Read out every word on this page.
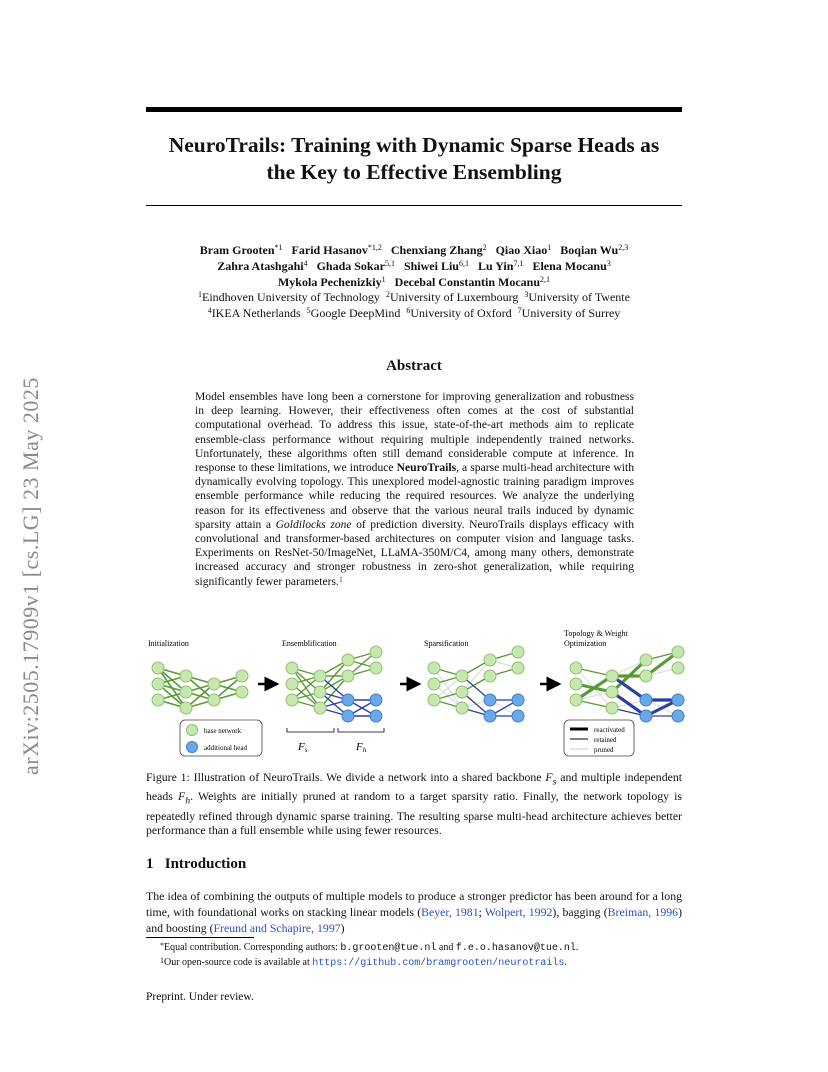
arXiv:2505.17909v1 [cs.LG] 23 May 2025
NeuroTrails: Training with Dynamic Sparse Heads as
the Key to Effective Ensembling
Bram Grooten$^{*1}$ Farid Hasanov$^{*1,2}$ Chenxiang Zhang$^2$ Qiao Xiao$^1$ Boqian Wu$^{2,3}$
Zahra Atashgahi$^4$ Ghada Sokar$^{5,1}$ Shiwei Liu$^{6,1}$ Lu Yin$^{7,1}$ Elena Mocanu$^3$
Mykola Pechenizkiy$^1$ Decebal Constantin Mocanu$^{2,1}$
$^1$Eindhoven University of Technology $^2$University of Luxembourg $^3$University of Twente
$^4$IKEA Netherlands $^5$Google DeepMind $^6$University of Oxford $^7$University of Surrey
Abstract
Model ensembles have long been a cornerstone for improving generalization and robustness in deep learning. However, their effectiveness often comes at the cost of substantial computational overhead. To address this issue, state-of-the-art methods aim to replicate ensemble-class performance without requiring multiple independently trained networks. Unfortunately, these algorithms often still demand considerable compute at inference. In response to these limitations, we introduce NeuroTrails, a sparse multi-head architecture with dynamically evolving topology. This unexplored model-agnostic training paradigm improves ensemble performance while reducing the required resources. We analyze the underlying reason for its effectiveness and observe that the various neural trails induced by dynamic sparsity attain a Goldilocks zone of prediction diversity. NeuroTrails displays efficacy with convolutional and transformer-based architectures on computer vision and language tasks. Experiments on ResNet-50/ImageNet, LLaMA-350M/C4, among many others, demonstrate increased accuracy and stronger robustness in zero-shot generalization, while requiring significantly fewer parameters.$^1$
Initialization	Ensemblification	Sparsification
Topology & Weight
Optimization
base network
additional head	Fs	Fh
reactivated
retained
pruned
Figure 1: Illustration of NeuroTrails. We divide a network into a shared backbone $F_s$ and multiple independent heads $F_h$. Weights are initially pruned at random to a target sparsity ratio. Finally, the network topology is repeatedly refined through dynamic sparse training. The resulting sparse multi-head architecture achieves better performance than a full ensemble while using fewer resources.
1 Introduction
The idea of combining the outputs of multiple models to produce a stronger predictor has been around for a long time, with foundational works on stacking linear models (Beyer, 1981; Wolpert, 1992), bagging (Breiman, 1996) and boosting (Freund and Schapire, 1997)
*Equal contribution. Corresponding authors: b.grooten@tue.nl and f.e.o.hasanov@tue.nl.
$^1$Our open-source code is available at https://github.com/bramgrooten/neurotrails.
Preprint. Under review.
